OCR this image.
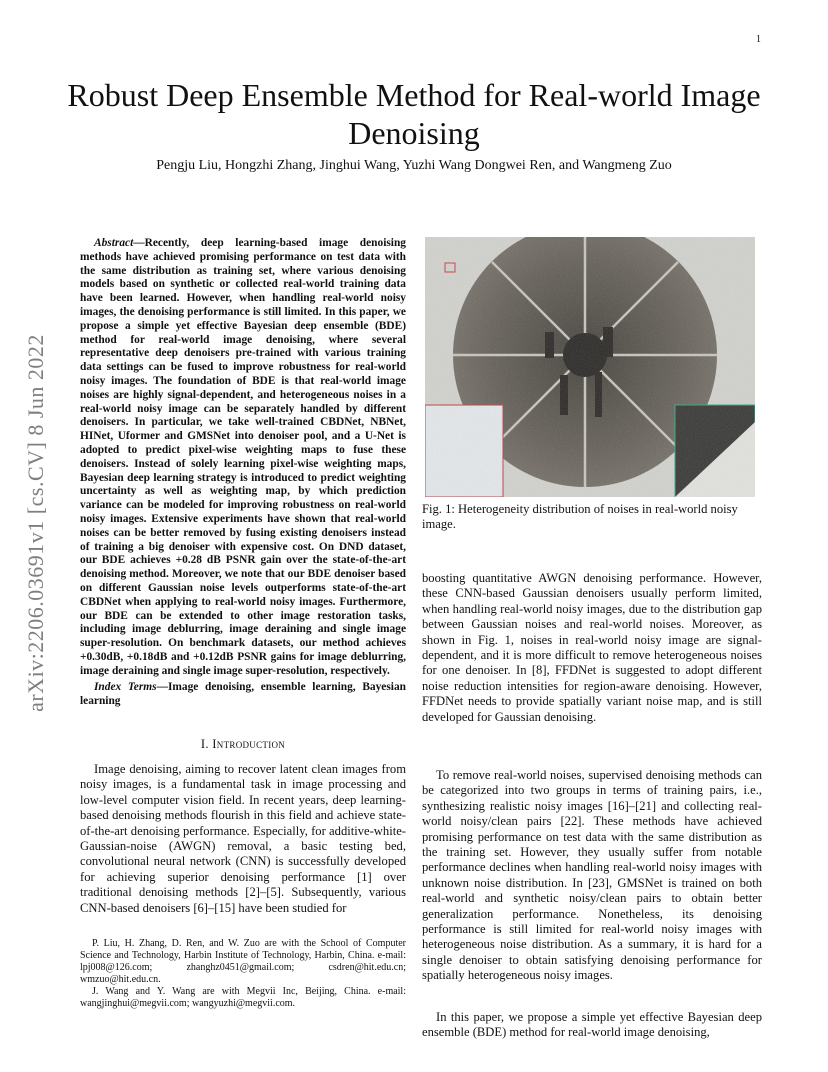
1
arXiv:2206.03691v1 [cs.CV] 8 Jun 2022
Robust Deep Ensemble Method for Real-world Image Denoising

Pengju Liu, Hongzhi Zhang, Jinghui Wang, Yuzhi Wang Dongwei Ren, and Wangmeng Zuo

Abstract—Recently, deep learning-based image denoising methods have achieved promising performance on test data with the same distribution as training set, where various denoising models based on synthetic or collected real-world training data have been learned. However, when handling real-world noisy images, the denoising performance is still limited. In this paper, we propose a simple yet effective Bayesian deep ensemble (BDE) method for real-world image denoising, where several representative deep denoisers pre-trained with various training data settings can be fused to improve robustness for real-world noisy images. The foundation of BDE is that real-world image noises are highly signal-dependent, and heterogeneous noises in a real-world noisy image can be separately handled by different denoisers. In particular, we take well-trained CBDNet, NBNet, HINet, Uformer and GMSNet into denoiser pool, and a U-Net is adopted to predict pixel-wise weighting maps to fuse these denoisers. Instead of solely learning pixel-wise weighting maps, Bayesian deep learning strategy is introduced to predict weighting uncertainty as well as weighting map, by which prediction variance can be modeled for improving robustness on real-world noisy images. Extensive experiments have shown that real-world noises can be better removed by fusing existing denoisers instead of training a big denoiser with expensive cost. On DND dataset, our BDE achieves +0.28 dB PSNR gain over the state-of-the-art denoising method. Moreover, we note that our BDE denoiser based on different Gaussian noise levels outperforms state-of-the-art CBDNet when applying to real-world noisy images. Furthermore, our BDE can be extended to other image restoration tasks, including image deblurring, image deraining and single image super-resolution. On benchmark datasets, our method achieves +0.30dB, +0.18dB and +0.12dB PSNR gains for image deblurring, image deraining and single image super-resolution, respectively.

Index Terms—Image denoising, ensemble learning, Bayesian learning

I. Introduction

Image denoising, aiming to recover latent clean images from noisy images, is a fundamental task in image processing and low-level computer vision field. In recent years, deep learning-based denoising methods flourish in this field and achieve state-of-the-art denoising performance. Especially, for additive-white-Gaussian-noise (AWGN) removal, a basic testing bed, convolutional neural network (CNN) is successfully developed for achieving superior denoising performance [1] over traditional denoising methods [2]–[5]. Subsequently, various CNN-based denoisers [6]–[15] have been studied for

P. Liu, H. Zhang, D. Ren, and W. Zuo are with the School of Computer Science and Technology, Harbin Institute of Technology, Harbin, China. e-mail: lpj008@126.com; zhanghz0451@gmail.com; csdren@hit.edu.cn; wmzuo@hit.edu.cn.

J. Wang and Y. Wang are with Megvii Inc, Beijing, China. e-mail: wangjinghui@megvii.com; wangyuzhi@megvii.com.

Fig. 1: Heterogeneity distribution of noises in real-world noisy image.

boosting quantitative AWGN denoising performance. However, these CNN-based Gaussian denoisers usually perform limited, when handling real-world noisy images, due to the distribution gap between Gaussian noises and real-world noises. Moreover, as shown in Fig. 1, noises in real-world noisy image are signal-dependent, and it is more difficult to remove heterogeneous noises for one denoiser. In [8], FFDNet is suggested to adopt different noise reduction intensities for region-aware denoising. However, FFDNet needs to provide spatially variant noise map, and is still developed for Gaussian denoising.

To remove real-world noises, supervised denoising methods can be categorized into two groups in terms of training pairs, i.e., synthesizing realistic noisy images [16]–[21] and collecting real-world noisy/clean pairs [22]. These methods have achieved promising performance on test data with the same distribution as the training set. However, they usually suffer from notable performance declines when handling real-world noisy images with unknown noise distribution. In [23], GMSNet is trained on both real-world and synthetic noisy/clean pairs to obtain better generalization performance. Nonetheless, its denoising performance is still limited for real-world noisy images with heterogeneous noise distribution. As a summary, it is hard for a single denoiser to obtain satisfying denoising performance for spatially heterogeneous noisy images.

In this paper, we propose a simple yet effective Bayesian deep ensemble (BDE) method for real-world image denoising,
